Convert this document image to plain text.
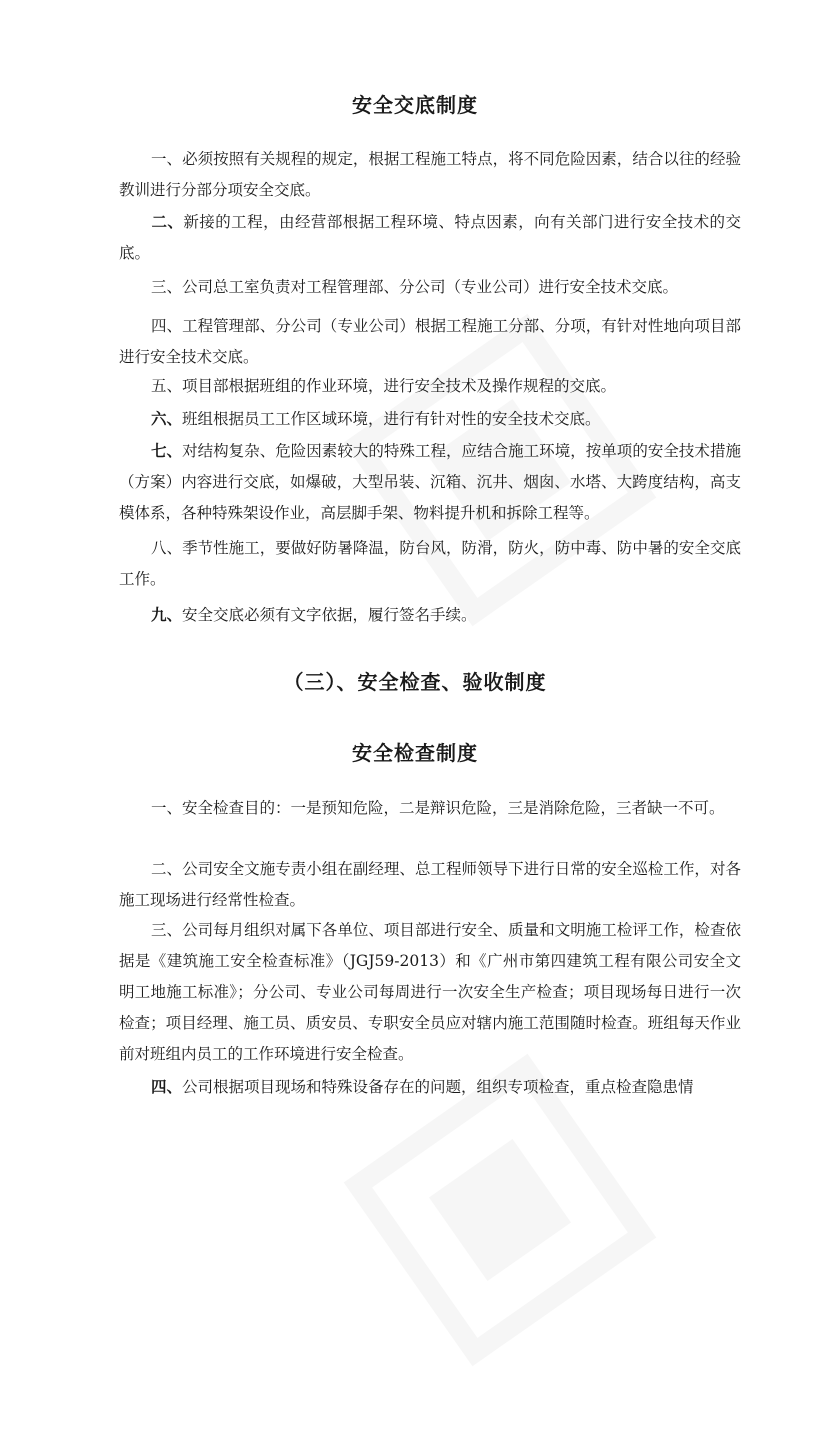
安全交底制度

一、必须按照有关规程的规定，根据工程施工特点，将不同危险因素，结合以往的经验教训进行分部分项安全交底。

二、新接的工程，由经营部根据工程环境、特点因素，向有关部门进行安全技术的交底。

三、公司总工室负责对工程管理部、分公司（专业公司）进行安全技术交底。

四、工程管理部、分公司（专业公司）根据工程施工分部、分项，有针对性地向项目部进行安全技术交底。

五、项目部根据班组的作业环境，进行安全技术及操作规程的交底。

六、班组根据员工工作区域环境，进行有针对性的安全技术交底。

七、对结构复杂、危险因素较大的特殊工程，应结合施工环境，按单项的安全技术措施（方案）内容进行交底，如爆破，大型吊装、沉箱、沉井、烟囱、水塔、大跨度结构，高支模体系，各种特殊架设作业，高层脚手架、物料提升机和拆除工程等。

八、季节性施工，要做好防暑降温，防台风，防滑，防火，防中毒、防中暑的安全交底工作。

九、安全交底必须有文字依据，履行签名手续。

（三）、安全检查、验收制度
安全检查制度

一、安全检查目的：一是预知危险，二是辩识危险，三是消除危险，三者缺一不可。

二、公司安全文施专责小组在副经理、总工程师领导下进行日常的安全巡检工作，对各施工现场进行经常性检查。

三、公司每月组织对属下各单位、项目部进行安全、质量和文明施工检评工作，检查依据是《建筑施工安全检查标准》（JGJ59-2013）和《广州市第四建筑工程有限公司安全文明工地施工标准》；分公司、专业公司每周进行一次安全生产检查；项目现场每日进行一次检查；项目经理、施工员、质安员、专职安全员应对辖内施工范围随时检查。班组每天作业前对班组内员工的工作环境进行安全检查。

四、公司根据项目现场和特殊设备存在的问题，组织专项检查，重点检查隐患情
